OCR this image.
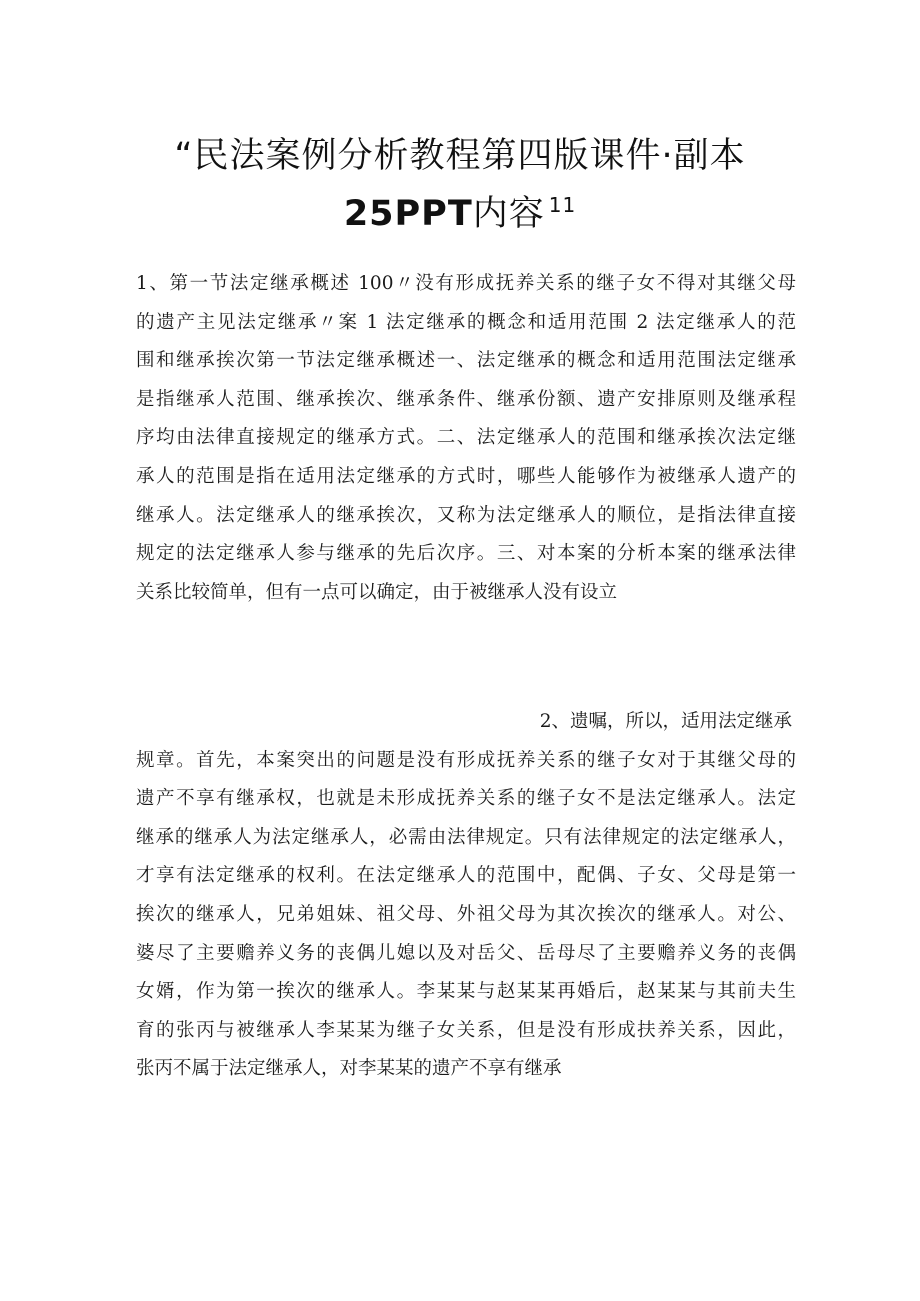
“民法案例分析教程第四版课件·副本
25PPT内容 $^{11}$
1、第一节法定继承概述 100〃没有形成抚养关系的继子女不得对其继父母
的遗产主见法定继承〃案 1 法定继承的概念和适用范围 2 法定继承人的范
围和继承挨次第一节法定继承概述一、法定继承的概念和适用范围法定继承
是指继承人范围、继承挨次、继承条件、继承份额、遗产安排原则及继承程
序均由法律直接规定的继承方式。二、法定继承人的范围和继承挨次法定继
承人的范围是指在适用法定继承的方式时，哪些人能够作为被继承人遗产的
继承人。法定继承人的继承挨次，又称为法定继承人的顺位，是指法律直接
规定的法定继承人参与继承的先后次序。三、对本案的分析本案的继承法律
关系比较简单，但有一点可以确定，由于被继承人没有设立
2、遗嘱，所以，适用法定继承
规章。首先，本案突出的问题是没有形成抚养关系的继子女对于其继父母的
遗产不享有继承权，也就是未形成抚养关系的继子女不是法定继承人。法定
继承的继承人为法定继承人，必需由法律规定。只有法律规定的法定继承人，
才享有法定继承的权利。在法定继承人的范围中，配偶、子女、父母是第一
挨次的继承人，兄弟姐妹、祖父母、外祖父母为其次挨次的继承人。对公、
婆尽了主要赡养义务的丧偶儿媳以及对岳父、岳母尽了主要赡养义务的丧偶
女婿，作为第一挨次的继承人。李某某与赵某某再婚后，赵某某与其前夫生
育的张丙与被继承人李某某为继子女关系，但是没有形成扶养关系，因此，
张丙不属于法定继承人，对李某某的遗产不享有继承
